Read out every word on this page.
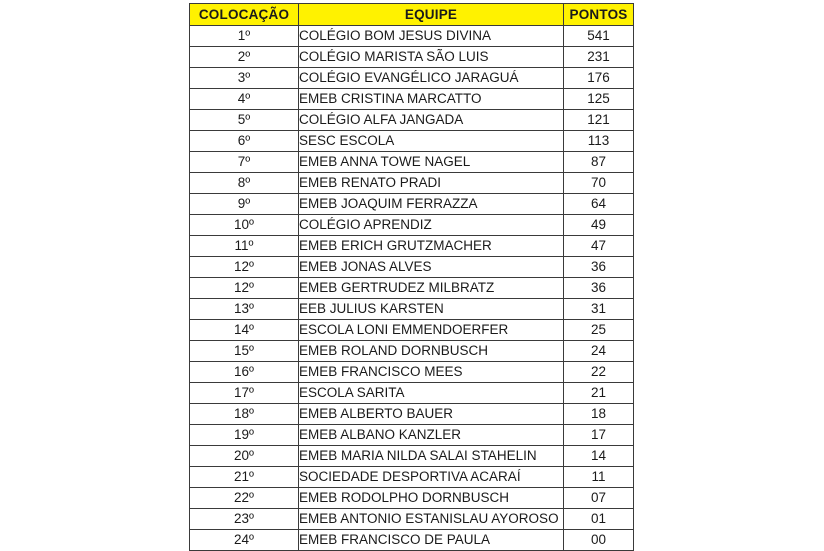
COLOCAÇÃO	EQUIPE	PONTOS
1º	COLÉGIO BOM JESUS DIVINA	541
2º	COLÉGIO MARISTA SÃO LUIS	231
3º	COLÉGIO EVANGÉLICO JARAGUÁ	176
4º	EMEB CRISTINA MARCATTO	125
5º	COLÉGIO ALFA JANGADA	121
6º	SESC ESCOLA	113
7º	EMEB ANNA TOWE NAGEL	87
8º	EMEB RENATO PRADI	70
9º	EMEB JOAQUIM FERRAZZA	64
10º	COLÉGIO APRENDIZ	49
11º	EMEB ERICH GRUTZMACHER	47
12º	EMEB JONAS ALVES	36
12º	EMEB GERTRUDEZ MILBRATZ	36
13º	EEB JULIUS KARSTEN	31
14º	ESCOLA LONI EMMENDOERFER	25
15º	EMEB ROLAND DORNBUSCH	24
16º	EMEB FRANCISCO MEES	22
17º	ESCOLA SARITA	21
18º	EMEB ALBERTO BAUER	18
19º	EMEB ALBANO KANZLER	17
20º	EMEB MARIA NILDA SALAI STAHELIN	14
21º	SOCIEDADE DESPORTIVA ACARAÍ	11
22º	EMEB RODOLPHO DORNBUSCH	07
23º	EMEB ANTONIO ESTANISLAU AYOROSO	01
24º	EMEB FRANCISCO DE PAULA	00
